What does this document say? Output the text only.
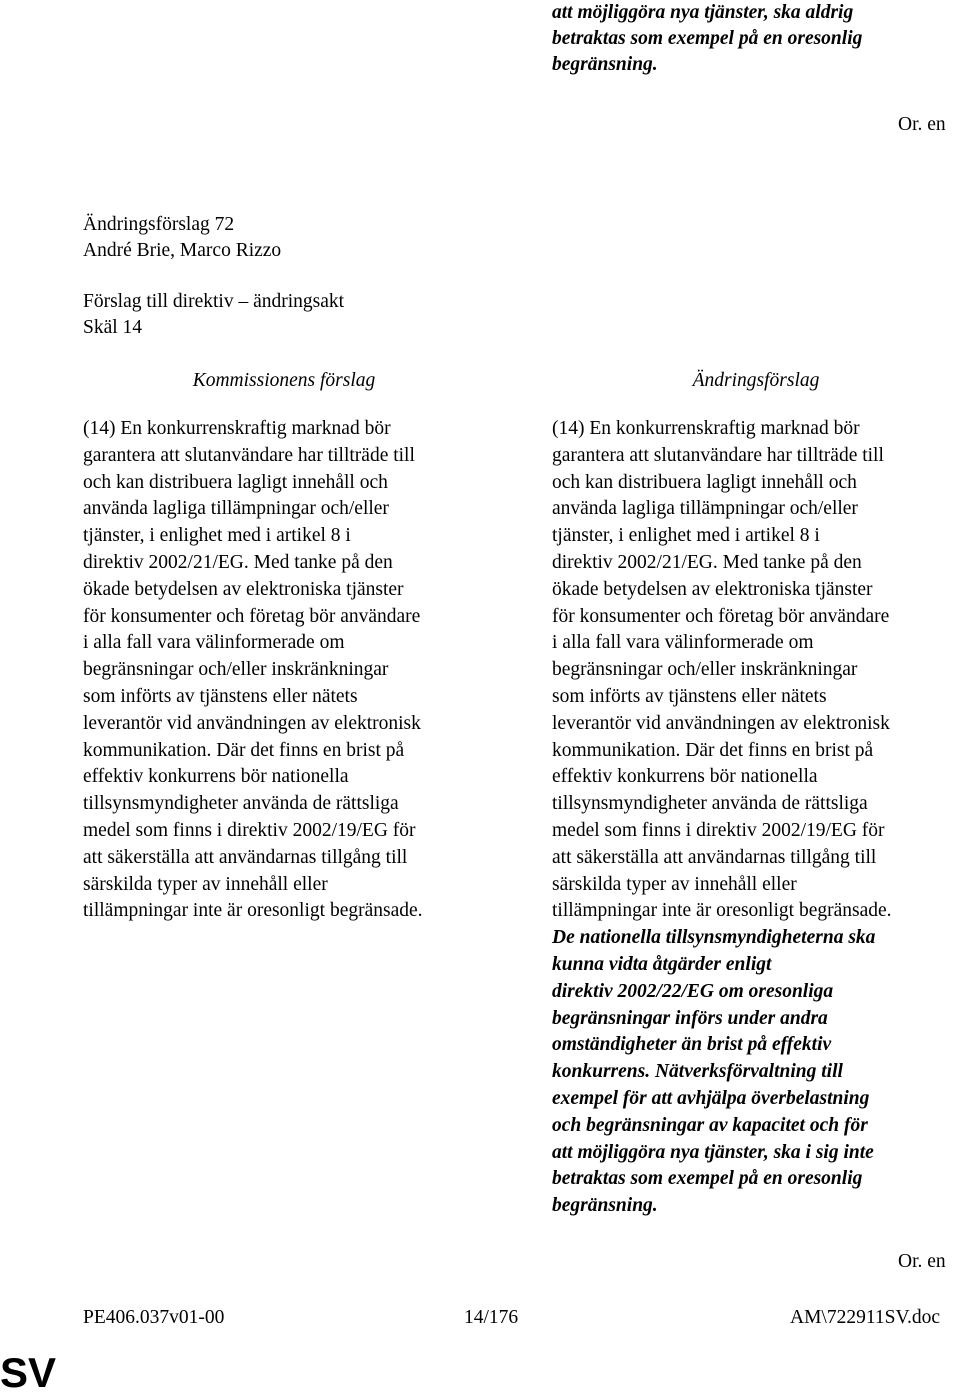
att möjliggöra nya tjänster, ska aldrig
betraktas som exempel på en oresonlig
begränsning.
Or. en
Ändringsförslag 72
André Brie, Marco Rizzo
Förslag till direktiv – ändringsakt
Skäl 14
Kommissionens förslag	Ändringsförslag
(14) En konkurrenskraftig marknad bör
garantera att slutanvändare har tillträde till
och kan distribuera lagligt innehåll och
använda lagliga tillämpningar och/eller
tjänster, i enlighet med i artikel 8 i
direktiv 2002/21/EG. Med tanke på den
ökade betydelsen av elektroniska tjänster
för konsumenter och företag bör användare
i alla fall vara välinformerade om
begränsningar och/eller inskränkningar
som införts av tjänstens eller nätets
leverantör vid användningen av elektronisk
kommunikation. Där det finns en brist på
effektiv konkurrens bör nationella
tillsynsmyndigheter använda de rättsliga
medel som finns i direktiv 2002/19/EG för
att säkerställa att användarnas tillgång till
särskilda typer av innehåll eller
tillämpningar inte är oresonligt begränsade.
(14) En konkurrenskraftig marknad bör
garantera att slutanvändare har tillträde till
och kan distribuera lagligt innehåll och
använda lagliga tillämpningar och/eller
tjänster, i enlighet med i artikel 8 i
direktiv 2002/21/EG. Med tanke på den
ökade betydelsen av elektroniska tjänster
för konsumenter och företag bör användare
i alla fall vara välinformerade om
begränsningar och/eller inskränkningar
som införts av tjänstens eller nätets
leverantör vid användningen av elektronisk
kommunikation. Där det finns en brist på
effektiv konkurrens bör nationella
tillsynsmyndigheter använda de rättsliga
medel som finns i direktiv 2002/19/EG för
att säkerställa att användarnas tillgång till
särskilda typer av innehåll eller
tillämpningar inte är oresonligt begränsade.
De nationella tillsynsmyndigheterna ska
kunna vidta åtgärder enligt
direktiv 2002/22/EG om oresonliga
begränsningar införs under andra
omständigheter än brist på effektiv
konkurrens. Nätverksförvaltning till
exempel för att avhjälpa överbelastning
och begränsningar av kapacitet och för
att möjliggöra nya tjänster, ska i sig inte
betraktas som exempel på en oresonlig
begränsning.
Or. en
PE406.037v01-00	14/176	AM\722911SV.doc
SV
